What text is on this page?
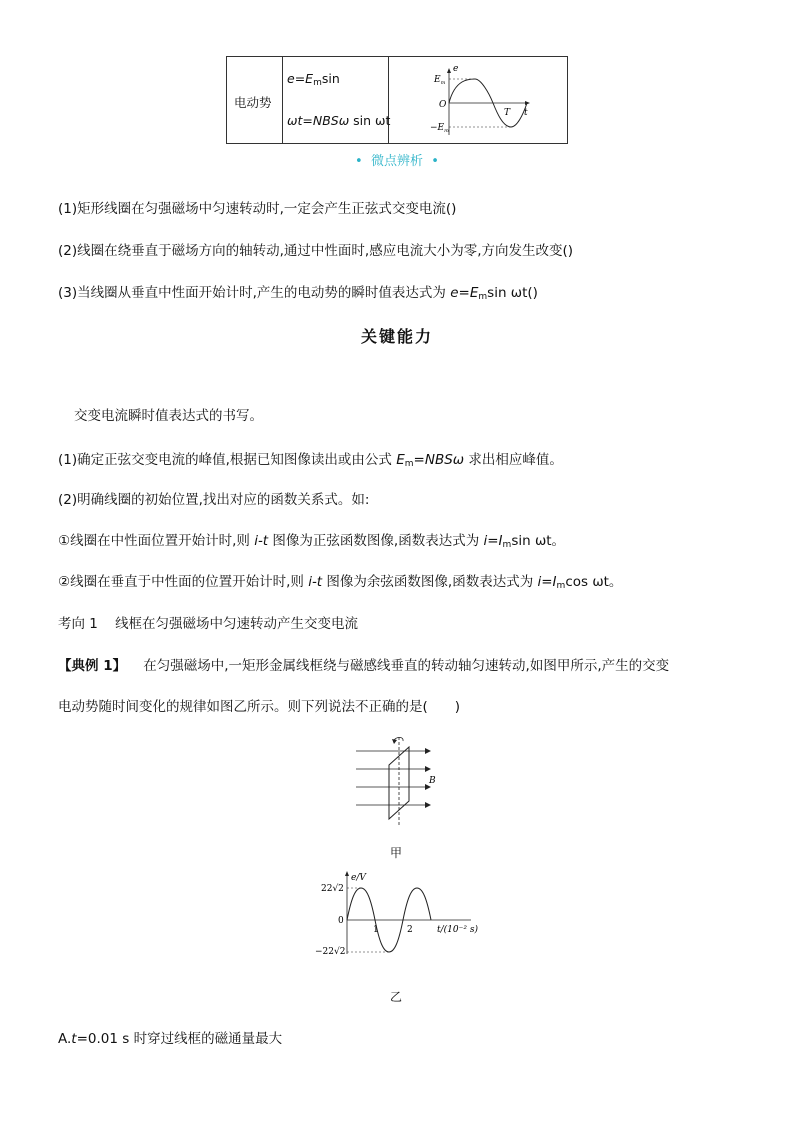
电动势
$e=E_m\sin$
ωt=NBSω sin ωt
e
$E_m$
O
$-E_m$
T t
• 微点辨析 •
(1)矩形线圈在匀强磁场中匀速转动时,一定会产生正弦式交变电流()
(2)线圈在绕垂直于磁场方向的轴转动,通过中性面时,感应电流大小为零,方向发生改变()
(3)当线圈从垂直中性面开始计时,产生的电动势的瞬时值表达式为 $e=E_m\sin$ ωt()
关键能力
交变电流瞬时值表达式的书写。
(1)确定正弦交变电流的峰值,根据已知图像读出或由公式 $E_m=NBS\omega$ 求出相应峰值。
(2)明确线圈的初始位置,找出对应的函数关系式。如:
①线圈在中性面位置开始计时,则 i-t 图像为正弦函数图像,函数表达式为 $i=I_m\sin$ ωt。
②线圈在垂直于中性面的位置开始计时,则 i-t 图像为余弦函数图像,函数表达式为 $i=I_m\cos$ ωt。
考向 1 线框在匀强磁场中匀速转动产生交变电流
【典例 1】 在匀强磁场中,一矩形金属线框绕与磁感线垂直的转动轴匀速转动,如图甲所示,产生的交变
电动势随时间变化的规律如图乙所示。则下列说法不正确的是(　　)
B
甲
e/V
22√2
0
−22√2
1	2	t/(10⁻² s)
乙
A.t=0.01 s 时穿过线框的磁通量最大
